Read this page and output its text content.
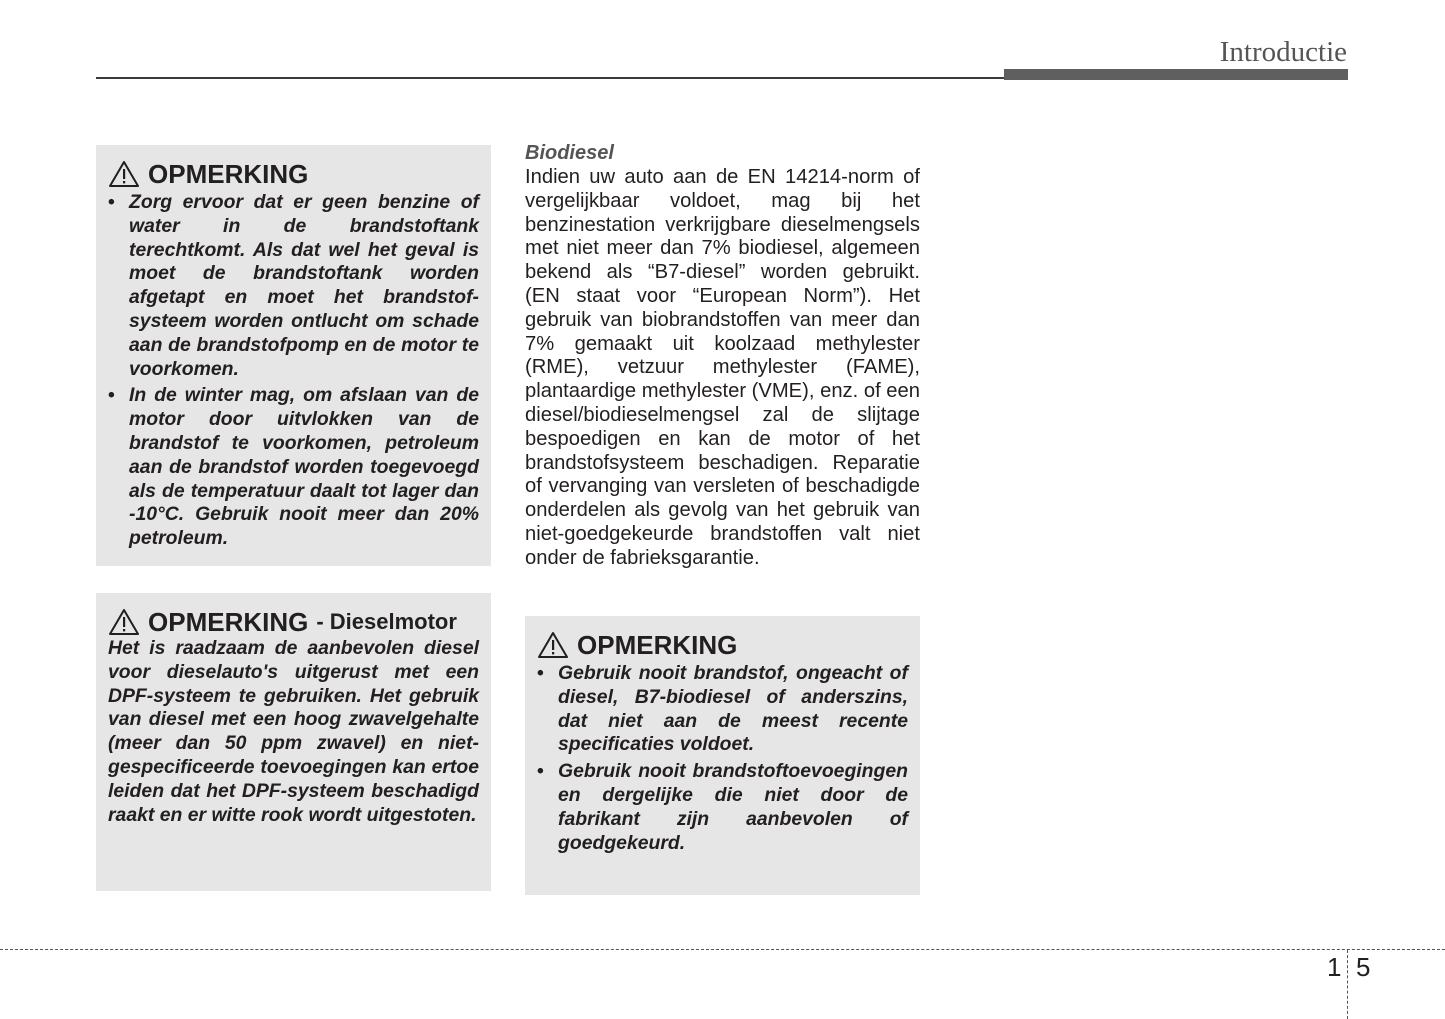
Introductie
OPMERKING
• Zorg ervoor dat er geen benzine of water in de brandstoftank terechtkomt. Als dat wel het geval is moet de brandstoftank worden afgetapt en moet het brandstofsysteem worden ontlucht om schade aan de brandstofpomp en de motor te voorkomen.
• In de winter mag, om afslaan van de motor door uitvlokken van de brandstof te voorkomen, petroleum aan de brandstof worden toegevoegd als de temperatuur daalt tot lager dan -10°C. Gebruik nooit meer dan 20% petroleum.
OPMERKING - Dieselmotor

Het is raadzaam de aanbevolen diesel voor dieselauto's uitgerust met een DPF-systeem te gebruiken. Het gebruik van diesel met een hoog zwavelgehalte (meer dan 50 ppm zwavel) en niet-gespecificeerde toevoegingen kan ertoe leiden dat het DPF-systeem beschadigd raakt en er witte rook wordt uitgestoten.

Biodiesel

Indien uw auto aan de EN 14214-norm of vergelijkbaar voldoet, mag bij het benzinestation verkrijgbare dieselmengsels met niet meer dan 7% biodiesel, algemeen bekend als “B7-diesel” worden gebruikt. (EN staat voor “European Norm”). Het gebruik van biobrandstoffen van meer dan 7% gemaakt uit koolzaad methylester (RME), vetzuur methylester (FAME), plantaardige methylester (VME), enz. of een diesel/biodieselmengsel zal de slijtage bespoedigen en kan de motor of het brandstofsysteem beschadigen. Reparatie of vervanging van versleten of beschadigde onderdelen als gevolg van het gebruik van niet-goedgekeurde brandstoffen valt niet onder de fabrieksgarantie.

OPMERKING
• Gebruik nooit brandstof, ongeacht of diesel, B7-biodiesel of anderszins, dat niet aan de meest recente specificaties voldoet.
• Gebruik nooit brandstoftoevoegingen en dergelijke die niet door de fabrikant zijn aanbevolen of goedgekeurd.
1 5
